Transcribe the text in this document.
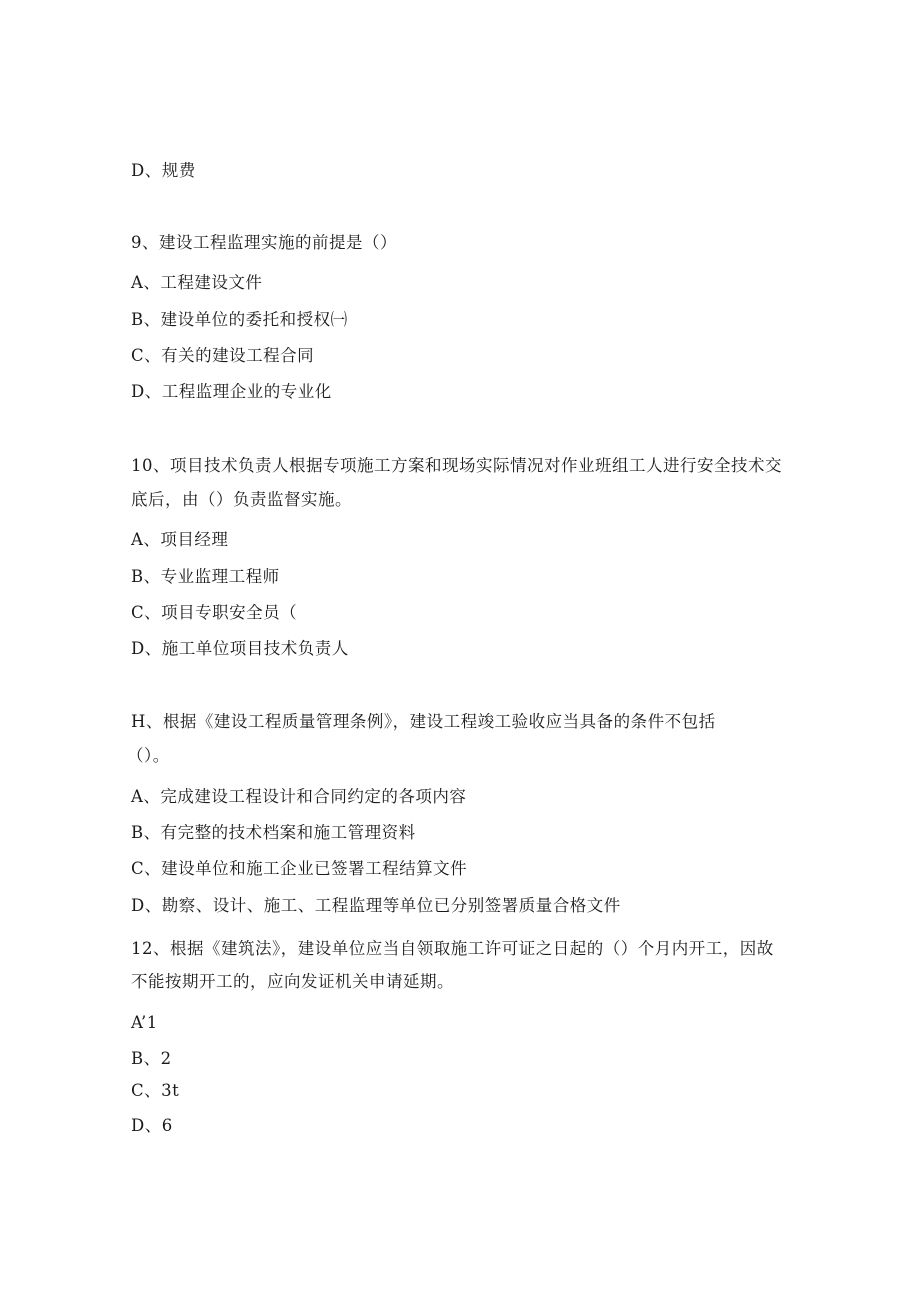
D、规费
9、建设工程监理实施的前提是（）
A、工程建设文件
B、建设单位的委托和授权㈠
C、有关的建设工程合同
D、工程监理企业的专业化
10、项目技术负责人根据专项施工方案和现场实际情况对作业班组工人进行安全技术交
底后，由（）负责监督实施。
A、项目经理
B、专业监理工程师
C、项目专职安全员（
D、施工单位项目技术负责人
H、根据《建设工程质量管理条例》，建设工程竣工验收应当具备的条件不包括
（）。
A、完成建设工程设计和合同约定的各项内容
B、有完整的技术档案和施工管理资料
C、建设单位和施工企业已签署工程结算文件
D、勘察、设计、施工、工程监理等单位已分别签署质量合格文件
12、根据《建筑法》，建设单位应当自领取施工许可证之日起的（）个月内开工，因故
不能按期开工的，应向发证机关申请延期。
A’1
B、2
C、3t
D、6
